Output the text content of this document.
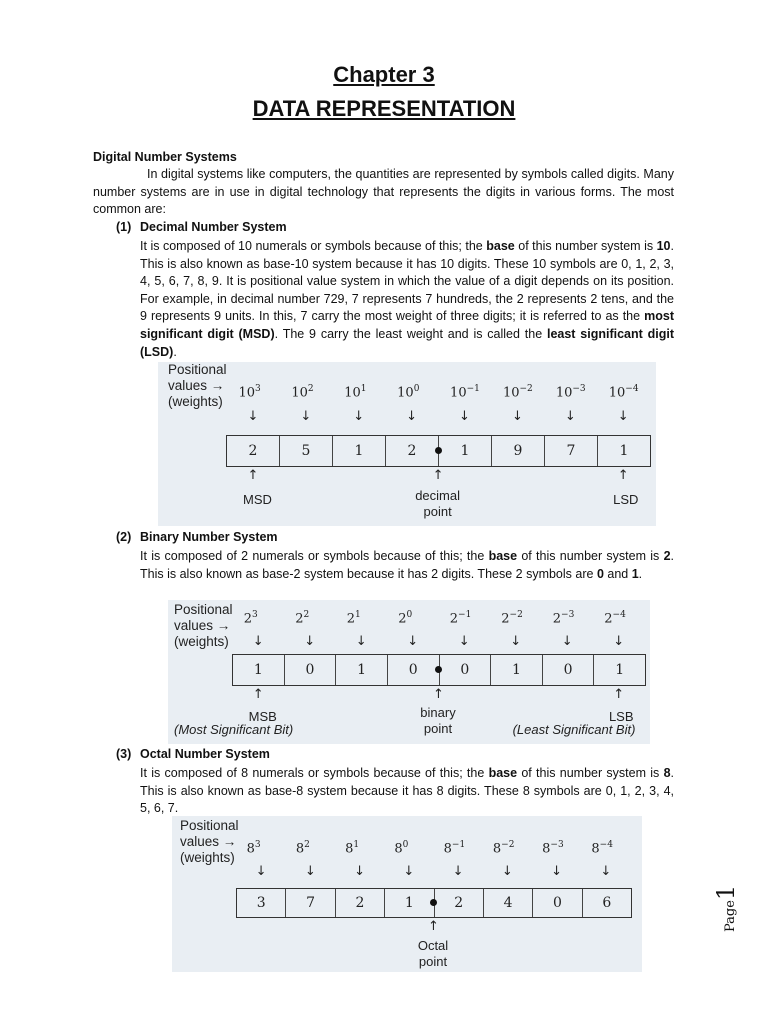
Chapter 3
DATA REPRESENTATION
Digital Number Systems
In digital systems like computers, the quantities are represented by symbols called digits. Many number systems are in use in digital technology that represents the digits in various forms. The most common are:
(1) Decimal Number System
It is composed of 10 numerals or symbols because of this; the base of this number system is 10. This is also known as base-10 system because it has 10 digits. These 10 symbols are 0, 1, 2, 3, 4, 5, 6, 7, 8, 9. It is positional value system in which the value of a digit depends on its position. For example, in decimal number 729, 7 represents 7 hundreds, the 2 represents 2 tens, and the 9 represents 9 units. In this, 7 carry the most weight of three digits; it is referred to as the most significant digit (MSD). The 9 carry the least weight and is called the least significant digit (LSD).
Positional
values →
(weights)
$10^3$
↓
$10^2$
↓
$10^1$
↓
$10^0$
↓
$10^{-1}$
↓
$10^{-2}$
↓
$10^{-3}$
↓
$10^{-4}$
↓
2	5	1	2	1	9	7	1
↑
decimal
point
↑
MSD
↑
LSD
(2) Binary Number System
It is composed of 2 numerals or symbols because of this; the base of this number system is 2. This is also known as base-2 system because it has 2 digits. These 2 symbols are 0 and 1.
Positional
values →
(weights)
$2^3$
↓
$2^2$
↓
$2^1$
↓
$2^0$
↓
$2^{-1}$
↓
$2^{-2}$
↓
$2^{-3}$
↓
$2^{-4}$
↓
1	0	1	0	0	1	0	1
↑
binary
point
↑
MSB
(Most Significant Bit)
↑
LSB
(Least Significant Bit)
(3) Octal Number System
It is composed of 8 numerals or symbols because of this; the base of this number system is 8. This is also known as base-8 system because it has 8 digits. These 8 symbols are 0, 1, 2, 3, 4, 5, 6, 7.
Positional
values →
(weights)
$8^3$
↓
$8^2$
↓
$8^1$
↓
$8^0$
↓
$8^{-1}$
↓
$8^{-2}$
↓
$8^{-3}$
↓
$8^{-4}$
↓
3	7	2	1	2	4	0	6
↑
Octal
point
Page1
